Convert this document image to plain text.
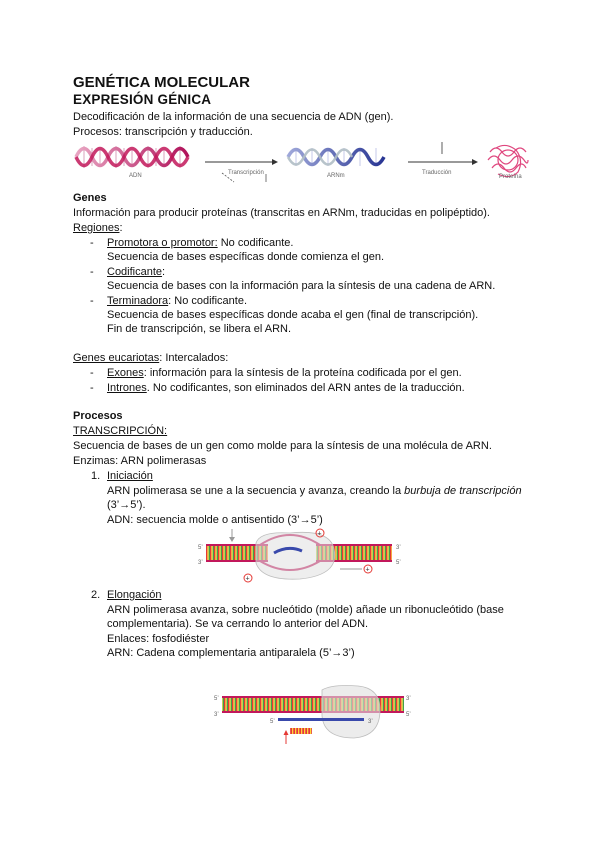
GENÉTICA MOLECULAR
EXPRESIÓN GÉNICA
Decodificación de la información de una secuencia de ADN (gen).
Procesos: transcripción y traducción.
ADN	Transcripción	ARNm	Traducción
Proteína
Genes
Información para producir proteínas (transcritas en ARNm, traducidas en polipéptido).
Regiones:
- Promotora o promotor: No codificante.
Secuencia de bases específicas donde comienza el gen.
- Codificante:
Secuencia de bases con la información para la síntesis de una cadena de ARN.
- Terminadora: No codificante.
Secuencia de bases específicas donde acaba el gen (final de transcripción).
Fin de transcripción, se libera el ARN.
Genes eucariotas: Intercalados:
- Exones: información para la síntesis de la proteína codificada por el gen.
- Intrones. No codificantes, son eliminados del ARN antes de la traducción.
Procesos
TRANSCRIPCIÓN:
Secuencia de bases de un gen como molde para la síntesis de una molécula de ARN.
Enzimas: ARN polimerasas
1. Iniciación
ARN polimerasa se une a la secuencia y avanza, creando la burbuja de transcripción
(3’→5’).
ADN: secuencia molde o antisentido (3’→5’)
5’
3’
3’
5’
+
+
+
2. Elongación
ARN polimerasa avanza, sobre nucleótido (molde) añade un ribonucleótido (base
complementaria). Se va cerrando lo anterior del ADN.
Enlaces: fosfodiéster
ARN: Cadena complementaria antiparalela (5’→3’)
5’
3’
3’
5’
5’	3’
